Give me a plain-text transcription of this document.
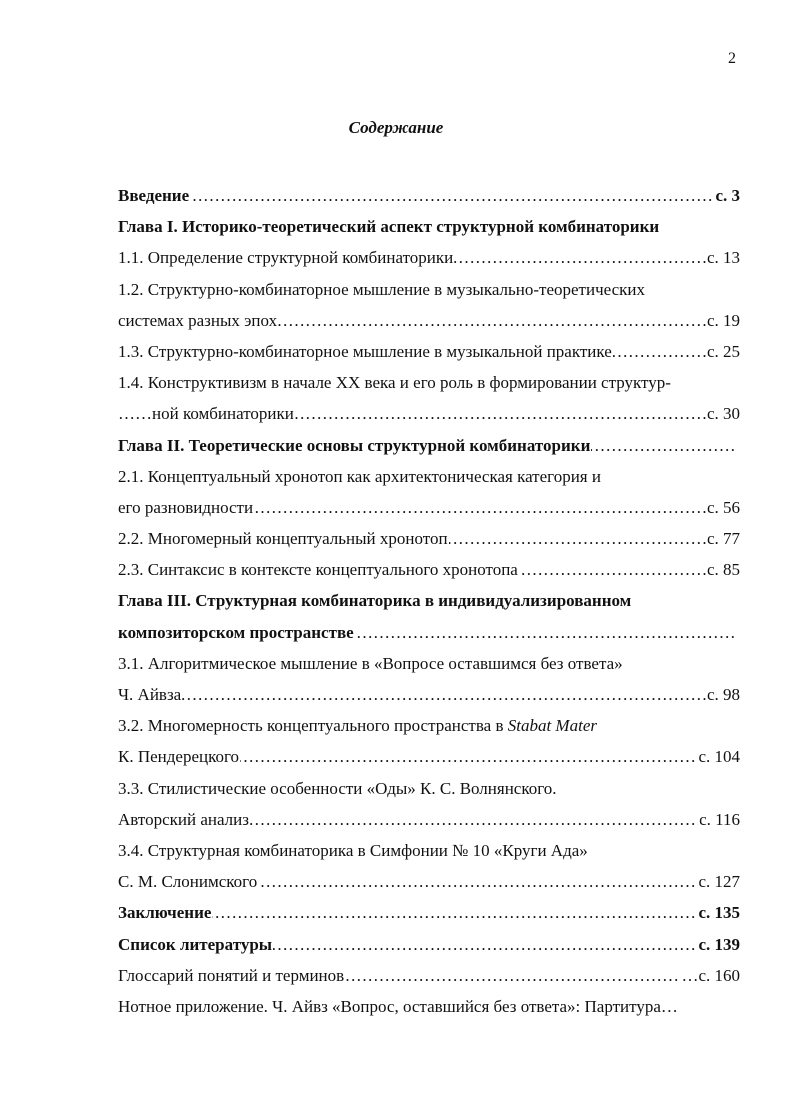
2
Содержание
………………………………………………………………………………………………………………………………………………………………………… Введение	с. 3
Глава I. Историко-теоретический аспект структурной комбинаторики
………………………………………………………………………………………………………………………………………………………………………… 1.1. Определение структурной комбинаторики	с. 13
1.2. Структурно-комбинаторное мышление в музыкально-теоретических
………………………………………………………………………………………………………………………………………………………………………… системах разных эпох	с. 19
………………………………………………………………………………………………………………………………………………………………………… 1.3. Структурно-комбинаторное мышление в музыкальной практике	с. 25
1.4. Конструктивизм в начале XX века и его роль в формировании структур-
………………………………………………………………………………………………………………………………………………………………………… ной комбинаторики	с. 30
………………………………………………………………………………………………………………………………………………………………………… Глава II. Теоретические основы структурной комбинаторики
2.1. Концептуальный хронотоп как архитектоническая категория и
………………………………………………………………………………………………………………………………………………………………………… его разновидности	с. 56
………………………………………………………………………………………………………………………………………………………………………… 2.2. Многомерный концептуальный хронотоп	с. 77
………………………………………………………………………………………………………………………………………………………………………… 2.3. Синтаксис в контексте концептуального хронотопа	с. 85
Глава III. Структурная комбинаторика в индивидуализированном
………………………………………………………………………………………………………………………………………………………………………… композиторском пространстве
3.1. Алгоритмическое мышление в «Вопросе оставшимся без ответа»
………………………………………………………………………………………………………………………………………………………………………… Ч. Айвза	с. 98
3.2. Многомерность концептуального пространства в Stabat Mater
………………………………………………………………………………………………………………………………………………………………………… К. Пендерецкого	с. 104
3.3. Стилистические особенности «Оды» К. С. Волнянского.
………………………………………………………………………………………………………………………………………………………………………… Авторский анализ	с. 116
3.4. Структурная комбинаторика в Симфонии № 10 «Круги Ада»
………………………………………………………………………………………………………………………………………………………………………… С. М. Слонимского	с. 127
………………………………………………………………………………………………………………………………………………………………………… Заключение	с. 135
………………………………………………………………………………………………………………………………………………………………………… Список литературы	с. 139
………………………………………………………………………………………………………………………………………………………………………… Глоссарий понятий и терминов	…с. 160
Нотное приложение. Ч. Айвз «Вопрос, оставшийся без ответа»: Партитура…
